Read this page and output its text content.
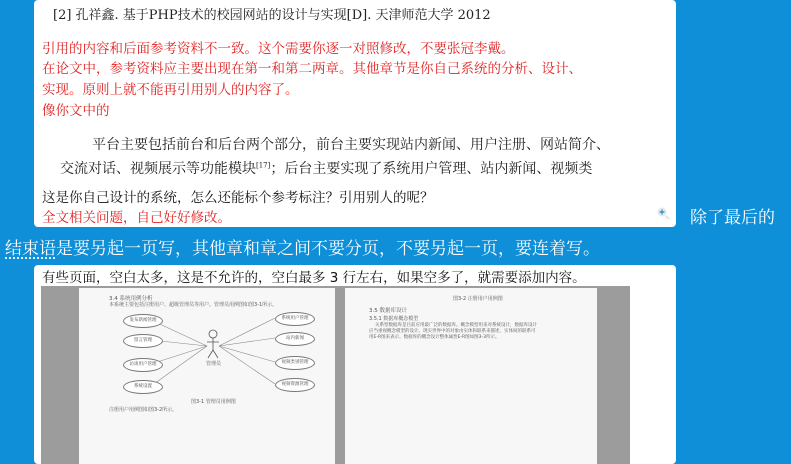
[2] 孔祥鑫. 基于PHP技术的校园网站的设计与实现[D]. 天津师范大学 2012
引用的内容和后面参考资料不一致。这个需要你逐一对照修改，不要张冠李戴。
在论文中，参考资料应主要出现在第一和第二两章。其他章节是你自己系统的分析、设计、
实现。原则上就不能再引用别人的内容了。
像你文中的
平台主要包括前台和后台两个部分，前台主要实现站内新闻、用户注册、网站简介、
交流对话、视频展示等功能模块[17]；后台主要实现了系统用户管理、站内新闻、视频类
这是你自己设计的系统，怎么还能标个参考标注？引用别人的呢？
全文相关问题，自己好好修改。	除了最后的
结束语是要另起一页写，其他章和章之间不要分页，不要另起一页，要连着写。
有些页面，空白太多，这是不允许的，空白最多 3 行左右，如果空多了，就需要添加内容。
3.4 系统用例分析
本系统主要包括注册用户、超级管理员等用户。管理员用例图如图3-1所示。
管理员
发布新闻管理
留言管理
访谈用户管理
系统设置
系统用户管理
站内新闻
视频类别管理
视频资源管理
图3-1 管理员用例图
注册用户用例图如图3-2所示。
图3-2 注册用户用例图
3.5 数据库设计
3.5.1 数据库概念模型
关系型数据库是目前应用最广泛的数据库。概念模型用来对系统设计，数据库设计
应当重视概念模型的设计。现实世界中的对象由实体和联系来描述，实体间的联系可
用E-R图来表示。数据库的概念设计整体属性E-R图如图3-3所示。
